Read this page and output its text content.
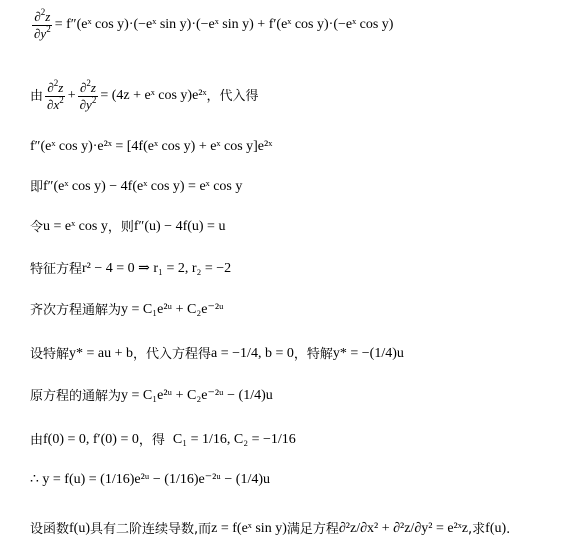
$\frac{\partial^2z}{\partial y^2}$ = f″(eˣ cos y)·(−eˣ sin y)·(−eˣ sin y) + f′(eˣ cos y)·(−eˣ cos y)
由 $\frac{\partial^2z}{\partial x^2} + \frac{\partial^2z}{\partial y^2} = (4z$ + eˣ cos y)e²ˣ ，代入得
f″(eˣ cos y)·e²ˣ = [4f(eˣ cos y) + eˣ cos y]e²ˣ
即 f″(eˣ cos y) − 4f(eˣ cos y) = eˣ cos y
令 u = eˣ cos y ，则 f″(u) − 4f(u) = u
特征方程 r² − 4 = 0 ⇒ r₁ = 2, r₂ = −2
齐次方程通解为 y = C₁e²ᵘ + C₂e⁻²ᵘ
设特解 y* = au + b ，代入方程得 a = −1/4, b = 0 ，特解 y* = −(1/4)u
原方程的通解为 y = C₁e²ᵘ + C₂e⁻²ᵘ − (1/4)u
由 f(0) = 0, f′(0) = 0 ，得 C₁ = 1/16, C₂ = −1/16
∴ y = f(u) = (1/16)e²ᵘ − (1/16)e⁻²ᵘ − (1/4)u
设函数 f(u) 具有二阶连续导数,而 z = f(eˣ sin y) 满足方程 ∂²z/∂x² + ∂²z/∂y² = e²ˣz ,求 f(u) .
